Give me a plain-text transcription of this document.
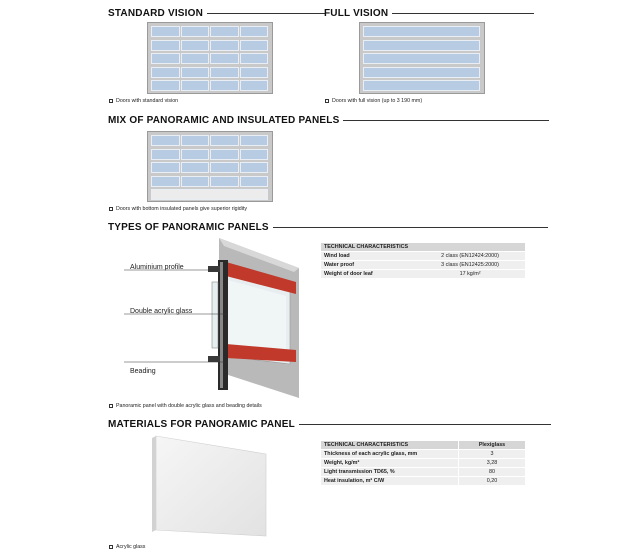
STANDARD VISION
Doors with standard vision
FULL VISION
Doors with full vision (up to 3 190 mm)
MIX OF PANORAMIC AND INSULATED PANELS
Doors with bottom insulated panels give superior rigidity
TYPES OF PANORAMIC PANELS
Aluminium profile
Double acrylic glass
Beading
Panoramic panel with double acrylic glass and beading details
TECHNICAL CHARACTERISTICS	
Wind load	2 class (EN12424:2000)
Water proof	3 class (EN12425:2000)
Weight of door leaf	17 kg/m²
MATERIALS FOR PANORAMIC PANEL
Acrylic glass
TECHNICAL CHARACTERISTICS	Plexiglass
Thickness of each acrylic glass, mm	3
Weight, kg/m²	3,28
Light transmission TD65, %	80
Heat insulation, m² C/W	0,20
